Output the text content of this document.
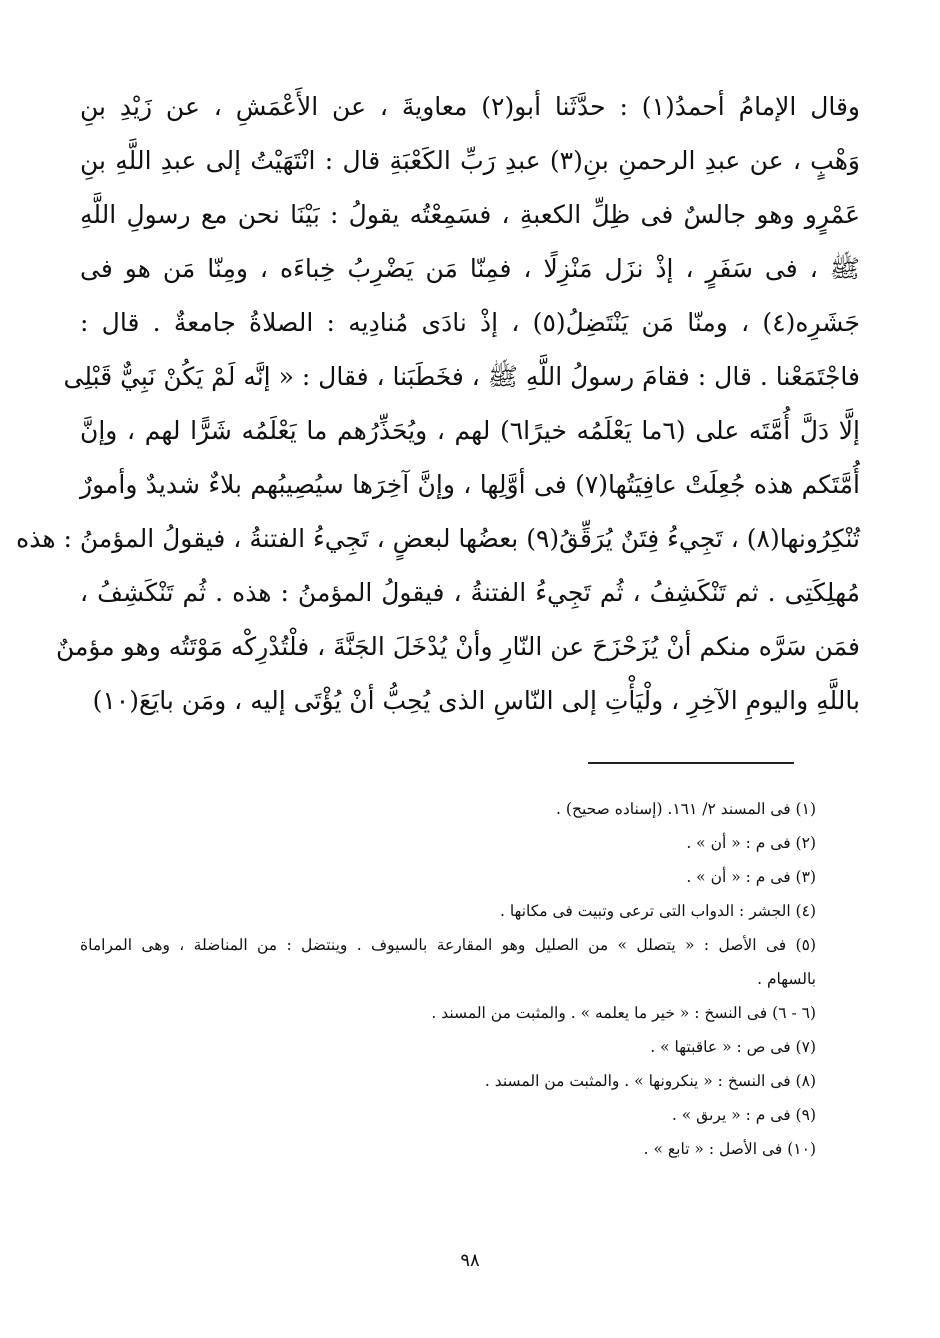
وقال الإمامُ أحمدُ(١) : حدَّثَنا أبو(٢) معاويةَ ، عن الأَعْمَشِ ، عن زَيْدِ بنِ
وَهْبٍ ، عن عبدِ الرحمنِ بنِ(٣) عبدِ رَبِّ الكَعْبَةِ قال : انْتَهَيْتُ إلى عبدِ اللَّهِ بنِ
عَمْرٍو وهو جالسٌ فى ظِلِّ الكعبةِ ، فسَمِعْتُه يقولُ : بَيْنَا نحن مع رسولِ اللَّهِ
ﷺ ، فى سَفَرٍ ، إذْ نزَل مَنْزِلًا ، فمِنّا مَن يَضْرِبُ خِباءَه ، ومِنّا مَن هو فى
جَشَرِه(٤) ، ومنّا مَن يَنْتَضِلُ(٥) ، إذْ نادَى مُنادِيه : الصلاةُ جامعةٌ . قال :
فاجْتَمَعْنا . قال : فقامَ رسولُ اللَّهِ ﷺ ، فخَطَبَنا ، فقال : « إنَّه لَمْ يَكُنْ نَبِيٌّ قَبْلِى
إلَّا دَلَّ أُمَّتَه على (٦ما يَعْلَمُه خيرًا٦) لهم ، ويُحَذِّرُهم ما يَعْلَمُه شَرًّا لهم ، وإنَّ
أُمَّتَكم هذه جُعِلَتْ عافِيَتُها(٧) فى أوَّلِها ، وإنَّ آخِرَها سيُصِيبُهم بلاءٌ شديدٌ وأمورٌ
تُنْكِرُونها(٨) ، تَجِيءُ فِتَنٌ يُرَقِّقُ(٩) بعضُها لبعضٍ ، تَجِيءُ الفتنةُ ، فيقولُ المؤمنُ : هذه
مُهلِكَتِى . ثم تَنْكَشِفُ ، ثُم تَجِيءُ الفتنةُ ، فيقولُ المؤمنُ : هذه . ثُم تَنْكَشِفُ ،
فمَن سَرَّه منكم أنْ يُزَحْزَحَ عن النّارِ وأنْ يُدْخَلَ الجَنَّةَ ، فلْتُدْرِكْه مَوْتَتُه وهو مؤمنٌ
باللَّهِ واليومِ الآخِرِ ، ولْيَأْتِ إلى النّاسِ الذى يُحِبُّ أنْ يُؤْتَى إليه ، ومَن بايَعَ(١٠)
(١) فى المسند ٢/ ١٦١. (إسناده صحيح) .
(٢) فى م : « أن » .
(٣) فى م : « أن » .
(٤) الجشر : الدواب التى ترعى وتبيت فى مكانها .
(٥) فى الأصل : « يتصلل » من الصليل وهو المقارعة بالسيوف . وينتضل : من المناضلة ، وهى المراماة
بالسهام .
(٦ - ٦) فى النسخ : « خير ما يعلمه » . والمثبت من المسند .
(٧) فى ص : « عاقبتها » .
(٨) فى النسخ : « ينكرونها » . والمثبت من المسند .
(٩) فى م : « يرىق » .
(١٠) فى الأصل : « تابع » .
٩٨
